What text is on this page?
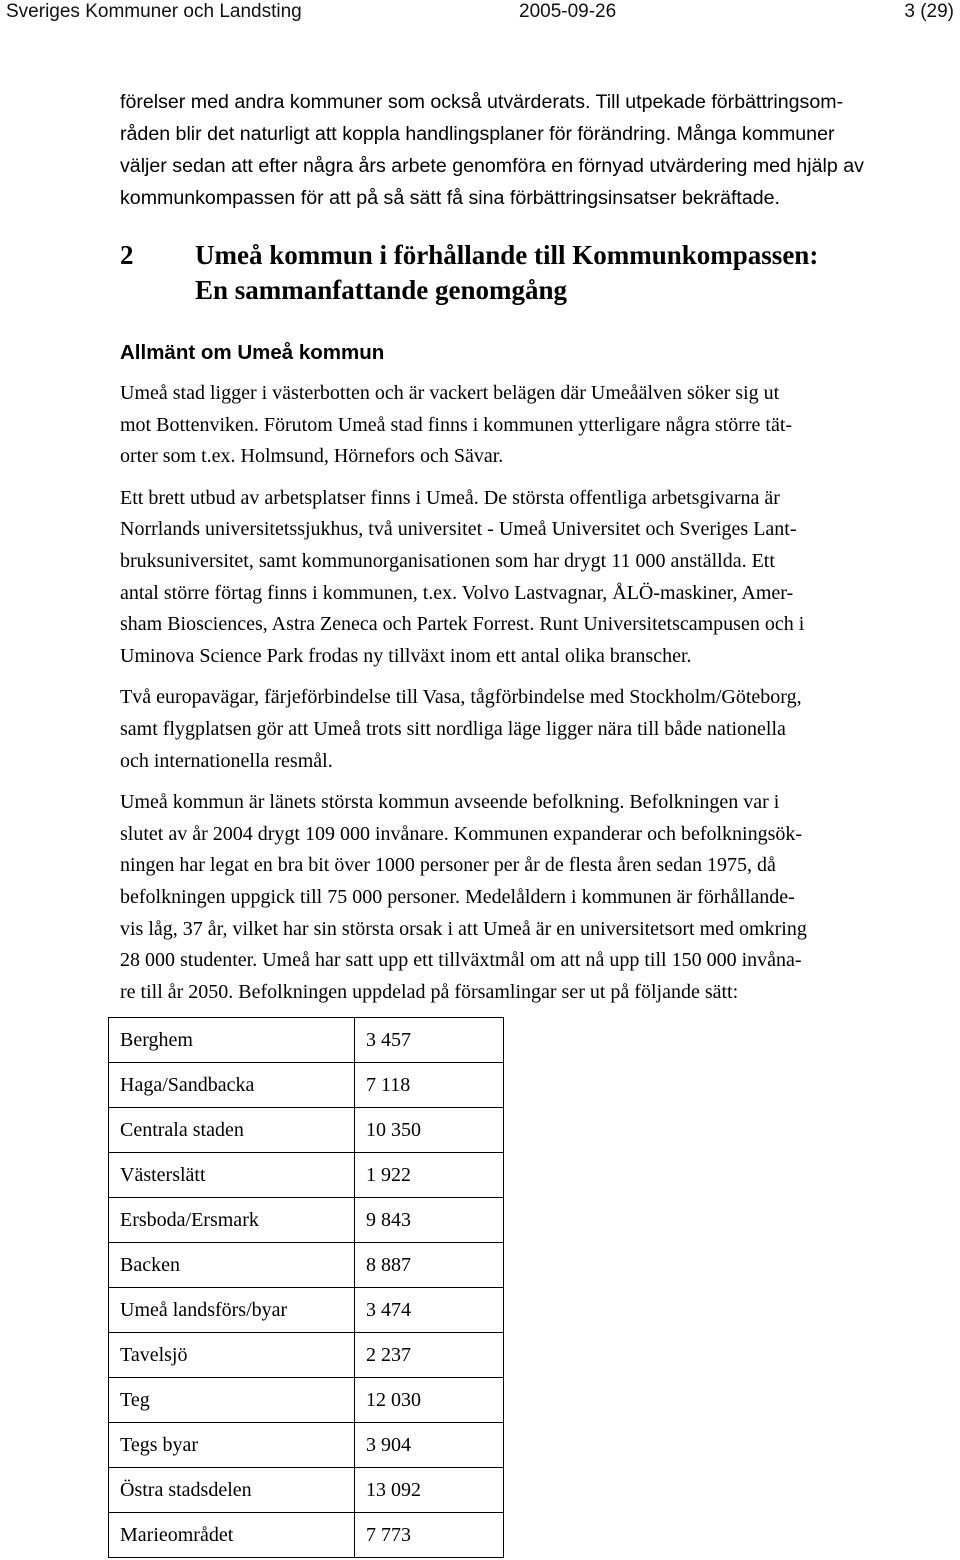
Sveriges Kommuner och Landsting	2005-09-26	3 (29)
förelser med andra kommuner som också utvärderats. Till utpekade förbättringsom-
råden blir det naturligt att koppla handlingsplaner för förändring. Många kommuner
väljer sedan att efter några års arbete genomföra en förnyad utvärdering med hjälp av
kommunkompassen för att på så sätt få sina förbättringsinsatser bekräftade.
2 Umeå kommun i förhållande till Kommunkompassen:
En sammanfattande genomgång
Allmänt om Umeå kommun

Umeå stad ligger i västerbotten och är vackert belägen där Umeåälven söker sig ut
mot Bottenviken. Förutom Umeå stad finns i kommunen ytterligare några större tät-
orter som t.ex. Holmsund, Hörnefors och Sävar.

Ett brett utbud av arbetsplatser finns i Umeå. De största offentliga arbetsgivarna är
Norrlands universitetssjukhus, två universitet - Umeå Universitet och Sveriges Lant-
bruksuniversitet, samt kommunorganisationen som har drygt 11 000 anställda. Ett
antal större förtag finns i kommunen, t.ex. Volvo Lastvagnar, ÅLÖ-maskiner, Amer-
sham Biosciences, Astra Zeneca och Partek Forrest. Runt Universitetscampusen och i
Uminova Science Park frodas ny tillväxt inom ett antal olika branscher.

Två europavägar, färjeförbindelse till Vasa, tågförbindelse med Stockholm/Göteborg,
samt flygplatsen gör att Umeå trots sitt nordliga läge ligger nära till både nationella
och internationella resmål.

Umeå kommun är länets största kommun avseende befolkning. Befolkningen var i
slutet av år 2004 drygt 109 000 invånare. Kommunen expanderar och befolkningsök-
ningen har legat en bra bit över 1000 personer per år de flesta åren sedan 1975, då
befolkningen uppgick till 75 000 personer. Medelåldern i kommunen är förhållande-
vis låg, 37 år, vilket har sin största orsak i att Umeå är en universitetsort med omkring
28 000 studenter. Umeå har satt upp ett tillväxtmål om att nå upp till 150 000 invåna-
re till år 2050. Befolkningen uppdelad på församlingar ser ut på följande sätt:

Berghem	3 457
Haga/Sandbacka	7 118
Centrala staden	10 350
Västerslätt	1 922
Ersboda/Ersmark	9 843
Backen	8 887
Umeå landsförs/byar	3 474
Tavelsjö	2 237
Teg	12 030
Tegs byar	3 904
Östra stadsdelen	13 092
Marieområdet	7 773
